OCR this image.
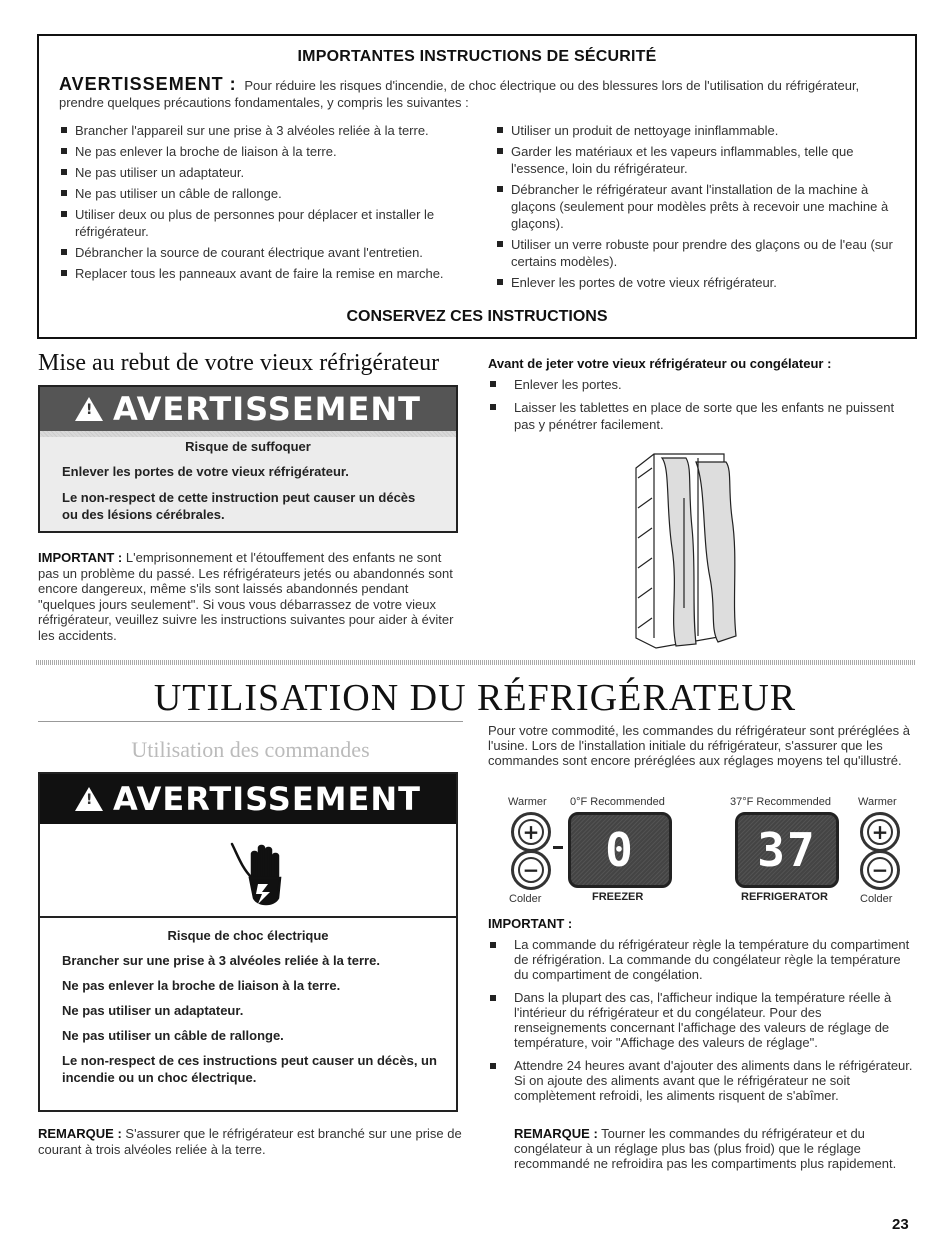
IMPORTANTES INSTRUCTIONS DE SÉCURITÉ
AVERTISSEMENT : Pour réduire les risques d'incendie, de choc électrique ou des blessures lors de l'utilisation du réfrigérateur, prendre quelques précautions fondamentales, y compris les suivantes :
Brancher l'appareil sur une prise à 3 alvéoles reliée à la terre.
Ne pas enlever la broche de liaison à la terre.
Ne pas utiliser un adaptateur.
Ne pas utiliser un câble de rallonge.
Utiliser deux ou plus de personnes pour déplacer et installer le réfrigérateur.
Débrancher la source de courant électrique avant l'entretien.
Replacer tous les panneaux avant de faire la remise en marche.
Utiliser un produit de nettoyage ininflammable.
Garder les matériaux et les vapeurs inflammables, telle que l'essence, loin du réfrigérateur.
Débrancher le réfrigérateur avant l'installation de la machine à glaçons (seulement pour modèles prêts à recevoir une machine à glaçons).
Utiliser un verre robuste pour prendre des glaçons ou de l'eau (sur certains modèles).
Enlever les portes de votre vieux réfrigérateur.
CONSERVEZ CES INSTRUCTIONS
Mise au rebut de votre vieux réfrigérateur
! AVERTISSEMENT
Risque de suffoquer
Enlever les portes de votre vieux réfrigérateur.
Le non-respect de cette instruction peut causer un décès ou des lésions cérébrales.
IMPORTANT : L'emprisonnement et l'étouffement des enfants ne sont pas un problème du passé. Les réfrigérateurs jetés ou abandonnés sont encore dangereux, même s'ils sont laissés abandonnés pendant "quelques jours seulement". Si vous vous débarrassez de votre vieux réfrigérateur, veuillez suivre les instructions suivantes pour aider à éviter les accidents.
Avant de jeter votre vieux réfrigérateur ou congélateur :
Enlever les portes.
Laisser les tablettes en place de sorte que les enfants ne puissent pas y pénétrer facilement.
UTILISATION DU RÉFRIGÉRATEUR
Utilisation des commandes
! AVERTISSEMENT
Risque de choc électrique
Brancher sur une prise à 3 alvéoles reliée à la terre.
Ne pas enlever la broche de liaison à la terre.
Ne pas utiliser un adaptateur.
Ne pas utiliser un câble de rallonge.
Le non-respect de ces instructions peut causer un décès, un incendie ou un choc électrique.
REMARQUE : S'assurer que le réfrigérateur est branché sur une prise de courant à trois alvéoles reliée à la terre.
Pour votre commodité, les commandes du réfrigérateur sont préréglées à l'usine. Lors de l'installation initiale du réfrigérateur, s'assurer que les commandes sont encore préréglées aux réglages moyens tel qu'illustré.
Warmer 0°F Recommended	37°F Recommended Warmer
+
− 0	37	+
−
Colder	FREEZER	REFRIGERATOR	Colder
IMPORTANT :
La commande du réfrigérateur règle la température du compartiment de réfrigération. La commande du congélateur règle la température du compartiment de congélation.
Dans la plupart des cas, l'afficheur indique la température réelle à l'intérieur du réfrigérateur et du congélateur. Pour des renseignements concernant l'affichage des valeurs de réglage de température, voir "Affichage des valeurs de réglage".
Attendre 24 heures avant d'ajouter des aliments dans le réfrigérateur. Si on ajoute des aliments avant que le réfrigérateur ne soit complètement refroidi, les aliments risquent de s'abîmer.
REMARQUE : Tourner les commandes du réfrigérateur et du congélateur à un réglage plus bas (plus froid) que le réglage recommandé ne refroidira pas les compartiments plus rapidement.
23
